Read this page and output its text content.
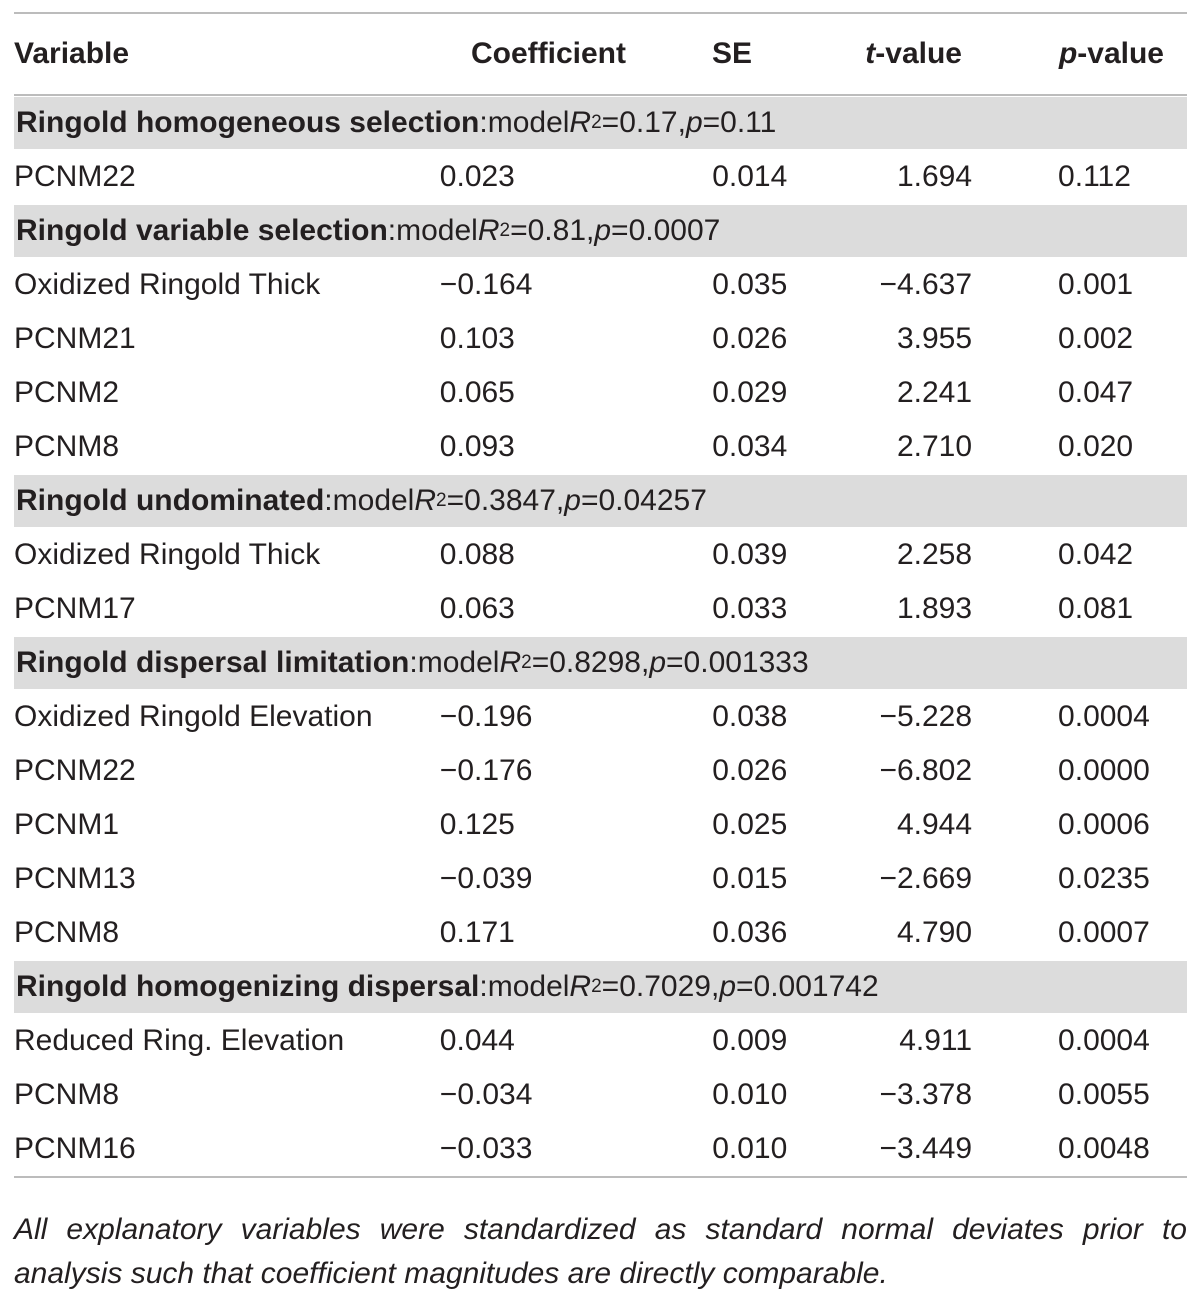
Variable	Coefficient	SE	t-value	p-value
Ringold homogeneous selection : model R 2 = 0.17 , p = 0.11
PCNM22	0.023	0.014	1.694	0.112
Ringold variable selection : model R 2 = 0.81 , p = 0.0007
Oxidized Ringold Thick	−0.164	0.035	−4.637	0.001
PCNM21	0.103	0.026	3.955	0.002
PCNM2	0.065	0.029	2.241	0.047
PCNM8	0.093	0.034	2.710	0.020
Ringold undominated : model R 2 = 0.3847 , p = 0.04257
Oxidized Ringold Thick	0.088	0.039	2.258	0.042
PCNM17	0.063	0.033	1.893	0.081
Ringold dispersal limitation : model R 2 = 0.8298 , p = 0.001333
Oxidized Ringold Elevation	−0.196	0.038	−5.228	0.0004
PCNM22	−0.176	0.026	−6.802	0.0000
PCNM1	0.125	0.025	4.944	0.0006
PCNM13	−0.039	0.015	−2.669	0.0235
PCNM8	0.171	0.036	4.790	0.0007
Ringold homogenizing dispersal : model R 2 = 0.7029 , p = 0.001742
Reduced Ring. Elevation	0.044	0.009	4.911	0.0004
PCNM8	−0.034	0.010	−3.378	0.0055
PCNM16	−0.033	0.010	−3.449	0.0048
All explanatory variables were standardized as standard normal deviates prior to analysis such that coefficient magnitudes are directly comparable.
